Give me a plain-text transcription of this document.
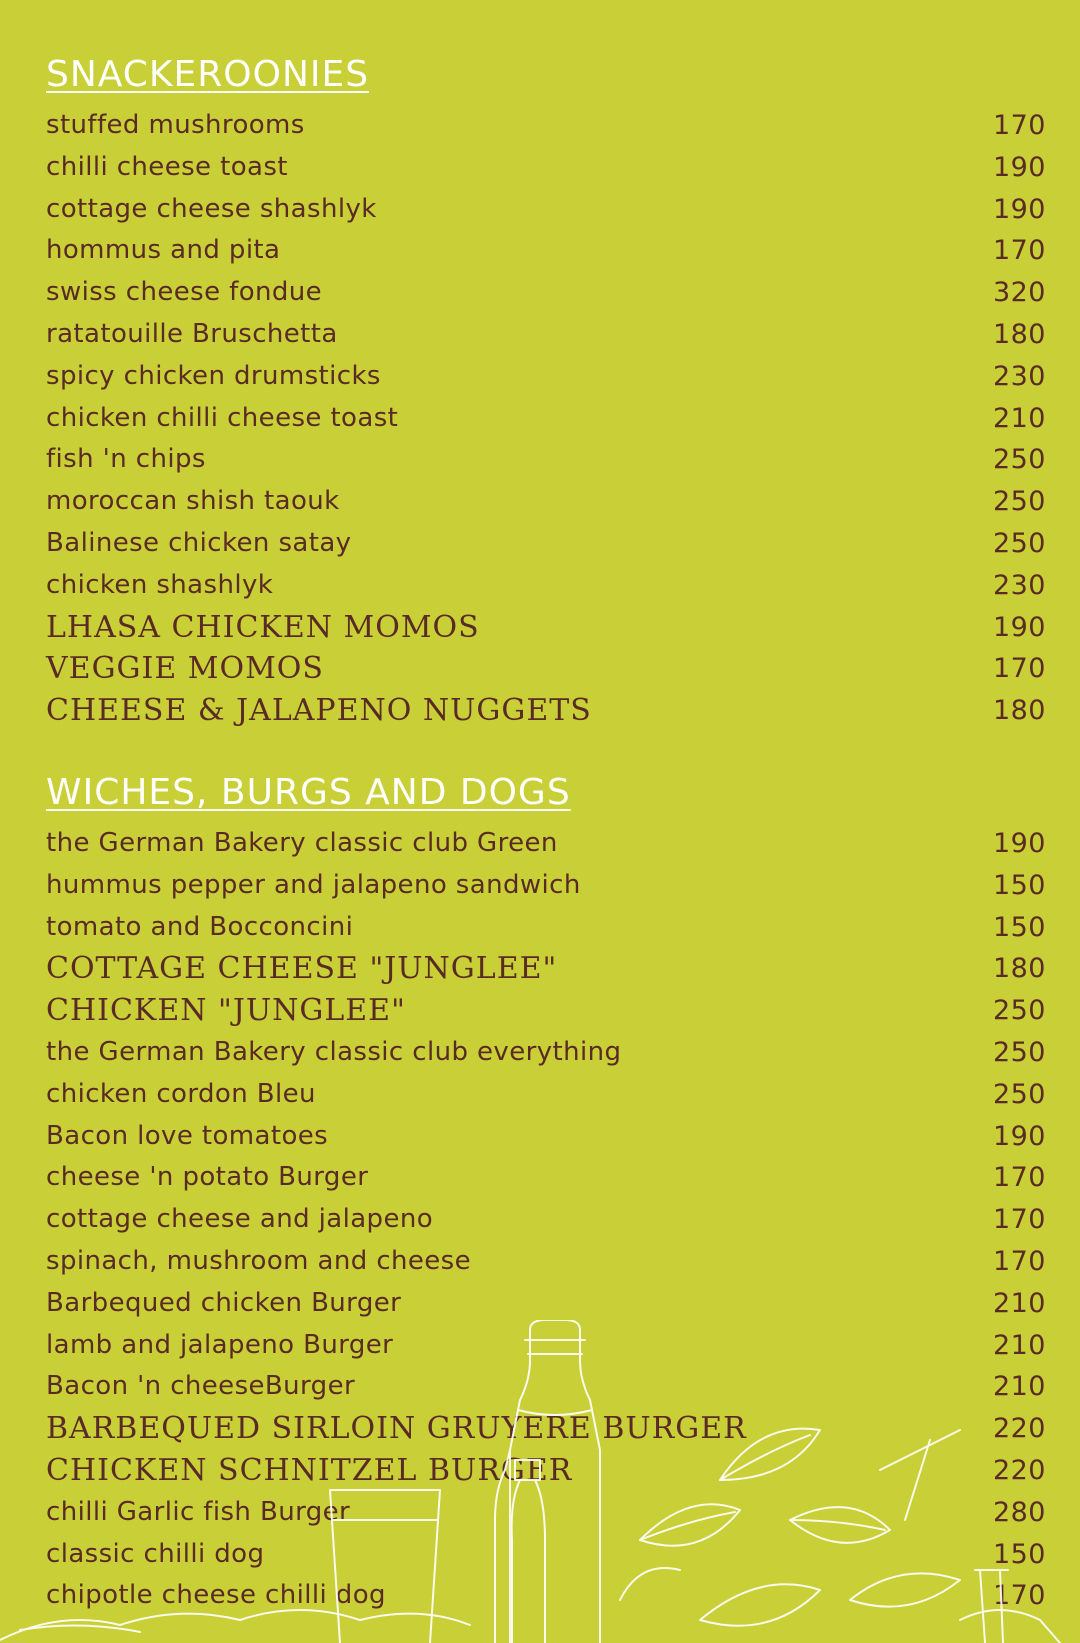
SNACKEROONIES
stuffed mushrooms	170
chilli cheese toast	190
cottage cheese shashlyk	190
hommus and pita	170
swiss cheese fondue	320
ratatouille Bruschetta	180
spicy chicken drumsticks	230
chicken chilli cheese toast	210
fish 'n chips	250
moroccan shish taouk	250
Balinese chicken satay	250
chicken shashlyk	230
LHASA CHICKEN MOMOS	190
VEGGIE MOMOS	170
CHEESE & JALAPENO NUGGETS	180
WICHES, BURGS AND DOGS
the German Bakery classic club Green	190
hummus pepper and jalapeno sandwich	150
tomato and Bocconcini	150
COTTAGE CHEESE "JUNGLEE"	180
CHICKEN "JUNGLEE"	250
the German Bakery classic club everything	250
chicken cordon Bleu	250
Bacon love tomatoes	190
cheese 'n potato Burger	170
cottage cheese and jalapeno	170
spinach, mushroom and cheese	170
Barbequed chicken Burger	210
lamb and jalapeno Burger	210
Bacon 'n cheeseBurger	210
BARBEQUED SIRLOIN GRUYERE BURGER	220
CHICKEN SCHNITZEL BURGER	220
chilli Garlic fish Burger	280
classic chilli dog	150
chipotle cheese chilli dog	170
